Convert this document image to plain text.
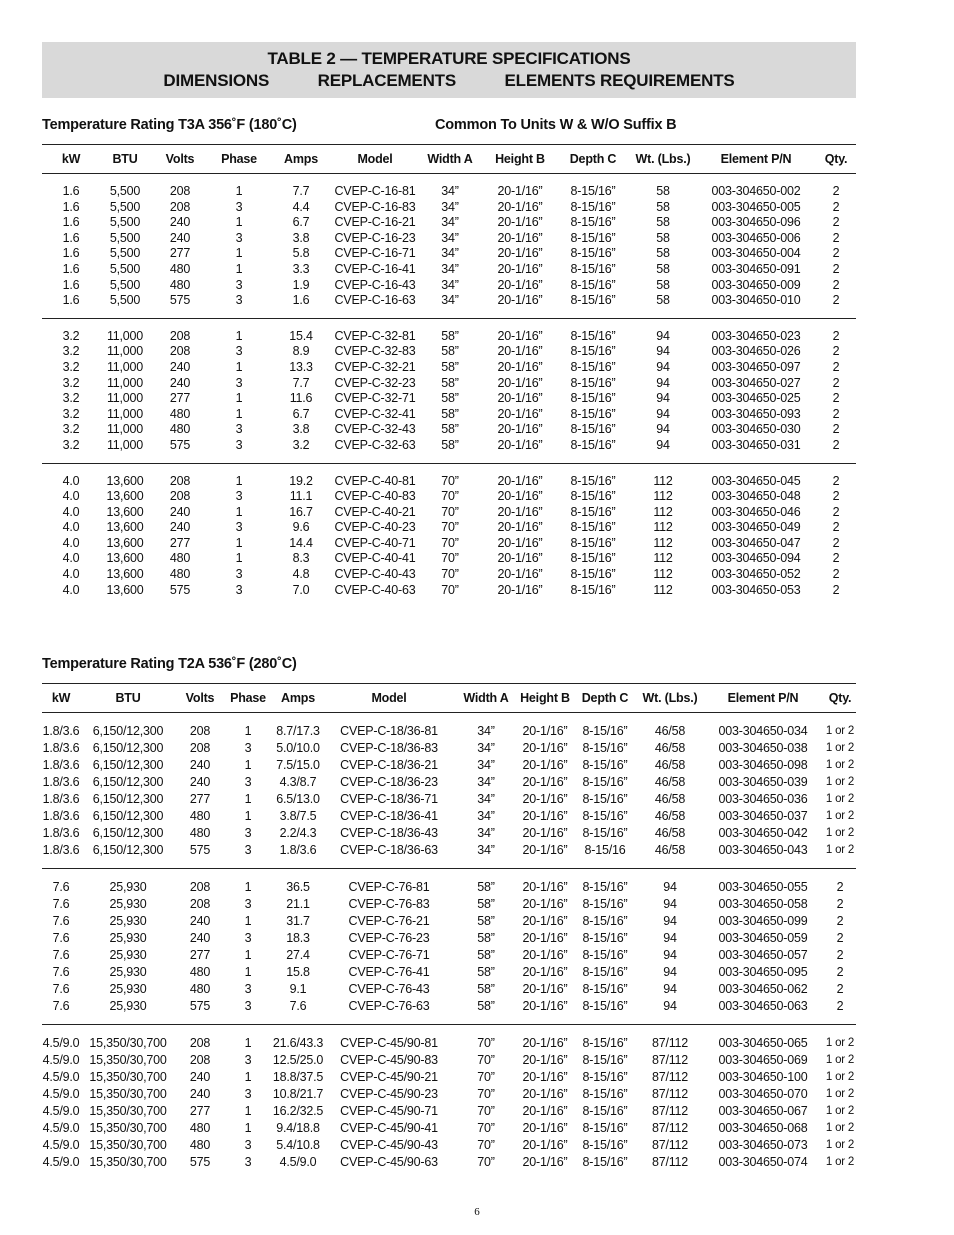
TABLE 2 — TEMPERATURE SPECIFICATIONS
DIMENSIONS	REPLACEMENTS	ELEMENTS REQUIREMENTS
Temperature Rating T3A 356˚F (180˚C)	Common To Units W & W/O Suffix B
kW	BTU	Volts	Phase	Amps	Model	Width A	Height B	Depth C	Wt. (Lbs.)	Element P/N	Qty.
1.6	5,500	208	1	7.7	CVEP-C-16-81	34”	20-1/16”	8-15/16”	58	003-304650-002	2
1.6	5,500	208	3	4.4	CVEP-C-16-83	34”	20-1/16”	8-15/16”	58	003-304650-005	2
1.6	5,500	240	1	6.7	CVEP-C-16-21	34”	20-1/16”	8-15/16”	58	003-304650-096	2
1.6	5,500	240	3	3.8	CVEP-C-16-23	34”	20-1/16”	8-15/16”	58	003-304650-006	2
1.6	5,500	277	1	5.8	CVEP-C-16-71	34”	20-1/16”	8-15/16”	58	003-304650-004	2
1.6	5,500	480	1	3.3	CVEP-C-16-41	34”	20-1/16”	8-15/16”	58	003-304650-091	2
1.6	5,500	480	3	1.9	CVEP-C-16-43	34”	20-1/16”	8-15/16”	58	003-304650-009	2
1.6	5,500	575	3	1.6	CVEP-C-16-63	34”	20-1/16”	8-15/16”	58	003-304650-010	2
3.2	11,000	208	1	15.4	CVEP-C-32-81	58”	20-1/16”	8-15/16”	94	003-304650-023	2
3.2	11,000	208	3	8.9	CVEP-C-32-83	58”	20-1/16”	8-15/16”	94	003-304650-026	2
3.2	11,000	240	1	13.3	CVEP-C-32-21	58”	20-1/16”	8-15/16”	94	003-304650-097	2
3.2	11,000	240	3	7.7	CVEP-C-32-23	58”	20-1/16”	8-15/16”	94	003-304650-027	2
3.2	11,000	277	1	11.6	CVEP-C-32-71	58”	20-1/16”	8-15/16”	94	003-304650-025	2
3.2	11,000	480	1	6.7	CVEP-C-32-41	58”	20-1/16”	8-15/16”	94	003-304650-093	2
3.2	11,000	480	3	3.8	CVEP-C-32-43	58”	20-1/16”	8-15/16”	94	003-304650-030	2
3.2	11,000	575	3	3.2	CVEP-C-32-63	58”	20-1/16”	8-15/16”	94	003-304650-031	2
4.0	13,600	208	1	19.2	CVEP-C-40-81	70”	20-1/16”	8-15/16”	112	003-304650-045	2
4.0	13,600	208	3	11.1	CVEP-C-40-83	70”	20-1/16”	8-15/16”	112	003-304650-048	2
4.0	13,600	240	1	16.7	CVEP-C-40-21	70”	20-1/16”	8-15/16”	112	003-304650-046	2
4.0	13,600	240	3	9.6	CVEP-C-40-23	70”	20-1/16”	8-15/16”	112	003-304650-049	2
4.0	13,600	277	1	14.4	CVEP-C-40-71	70”	20-1/16”	8-15/16”	112	003-304650-047	2
4.0	13,600	480	1	8.3	CVEP-C-40-41	70”	20-1/16”	8-15/16”	112	003-304650-094	2
4.0	13,600	480	3	4.8	CVEP-C-40-43	70”	20-1/16”	8-15/16”	112	003-304650-052	2
4.0	13,600	575	3	7.0	CVEP-C-40-63	70”	20-1/16”	8-15/16”	112	003-304650-053	2
Temperature Rating T2A 536˚F (280˚C)
kW	BTU	Volts	Phase	Amps	Model	Width A	Height B	Depth C	Wt. (Lbs.)	Element P/N	Qty.
1.8/3.6	6,150/12,300	208	1	8.7/17.3	CVEP-C-18/36-81	34”	20-1/16”	8-15/16”	46/58	003-304650-034	1 or 2
1.8/3.6	6,150/12,300	208	3	5.0/10.0	CVEP-C-18/36-83	34”	20-1/16”	8-15/16”	46/58	003-304650-038	1 or 2
1.8/3.6	6,150/12,300	240	1	7.5/15.0	CVEP-C-18/36-21	34”	20-1/16”	8-15/16”	46/58	003-304650-098	1 or 2
1.8/3.6	6,150/12,300	240	3	4.3/8.7	CVEP-C-18/36-23	34”	20-1/16”	8-15/16”	46/58	003-304650-039	1 or 2
1.8/3.6	6,150/12,300	277	1	6.5/13.0	CVEP-C-18/36-71	34”	20-1/16”	8-15/16”	46/58	003-304650-036	1 or 2
1.8/3.6	6,150/12,300	480	1	3.8/7.5	CVEP-C-18/36-41	34”	20-1/16”	8-15/16”	46/58	003-304650-037	1 or 2
1.8/3.6	6,150/12,300	480	3	2.2/4.3	CVEP-C-18/36-43	34”	20-1/16”	8-15/16”	46/58	003-304650-042	1 or 2
1.8/3.6	6,150/12,300	575	3	1.8/3.6	CVEP-C-18/36-63	34”	20-1/16”	8-15/16	46/58	003-304650-043	1 or 2
7.6	25,930	208	1	36.5	CVEP-C-76-81	58”	20-1/16”	8-15/16”	94	003-304650-055	2
7.6	25,930	208	3	21.1	CVEP-C-76-83	58”	20-1/16”	8-15/16”	94	003-304650-058	2
7.6	25,930	240	1	31.7	CVEP-C-76-21	58”	20-1/16”	8-15/16”	94	003-304650-099	2
7.6	25,930	240	3	18.3	CVEP-C-76-23	58”	20-1/16”	8-15/16”	94	003-304650-059	2
7.6	25,930	277	1	27.4	CVEP-C-76-71	58”	20-1/16”	8-15/16”	94	003-304650-057	2
7.6	25,930	480	1	15.8	CVEP-C-76-41	58”	20-1/16”	8-15/16”	94	003-304650-095	2
7.6	25,930	480	3	9.1	CVEP-C-76-43	58”	20-1/16”	8-15/16”	94	003-304650-062	2
7.6	25,930	575	3	7.6	CVEP-C-76-63	58”	20-1/16”	8-15/16”	94	003-304650-063	2
4.5/9.0	15,350/30,700	208	1	21.6/43.3	CVEP-C-45/90-81	70”	20-1/16”	8-15/16”	87/112	003-304650-065	1 or 2
4.5/9.0	15,350/30,700	208	3	12.5/25.0	CVEP-C-45/90-83	70”	20-1/16”	8-15/16”	87/112	003-304650-069	1 or 2
4.5/9.0	15,350/30,700	240	1	18.8/37.5	CVEP-C-45/90-21	70”	20-1/16”	8-15/16”	87/112	003-304650-100	1 or 2
4.5/9.0	15,350/30,700	240	3	10.8/21.7	CVEP-C-45/90-23	70”	20-1/16”	8-15/16”	87/112	003-304650-070	1 or 2
4.5/9.0	15,350/30,700	277	1	16.2/32.5	CVEP-C-45/90-71	70”	20-1/16”	8-15/16”	87/112	003-304650-067	1 or 2
4.5/9.0	15,350/30,700	480	1	9.4/18.8	CVEP-C-45/90-41	70”	20-1/16”	8-15/16”	87/112	003-304650-068	1 or 2
4.5/9.0	15,350/30,700	480	3	5.4/10.8	CVEP-C-45/90-43	70”	20-1/16”	8-15/16”	87/112	003-304650-073	1 or 2
4.5/9.0	15,350/30,700	575	3	4.5/9.0	CVEP-C-45/90-63	70”	20-1/16”	8-15/16”	87/112	003-304650-074	1 or 2
6
